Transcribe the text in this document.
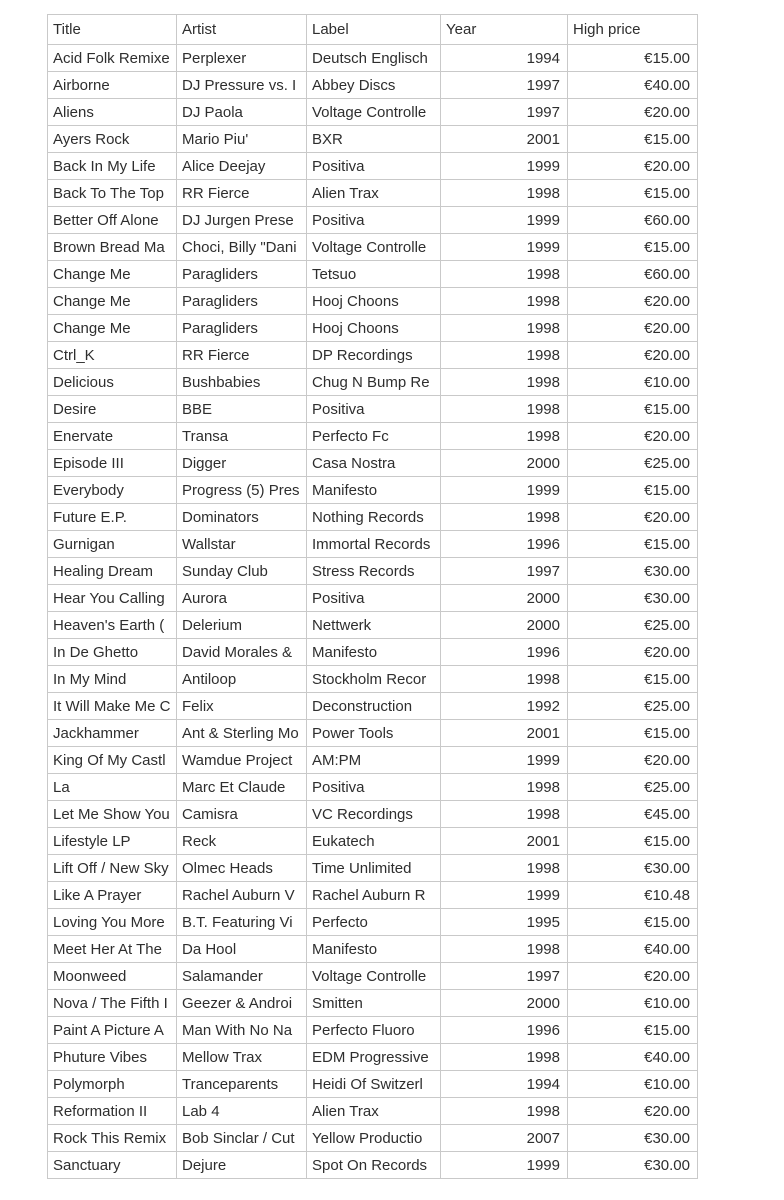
Title	Artist	Label	Year	High price
Acid Folk Remixe	Perplexer	Deutsch Englisch	1994	€15.00
Airborne	DJ Pressure vs. I	Abbey Discs	1997	€40.00
Aliens	DJ Paola	Voltage Controlle	1997	€20.00
Ayers Rock	Mario Piu'	BXR	2001	€15.00
Back In My Life	Alice Deejay	Positiva	1999	€20.00
Back To The Top	RR Fierce	Alien Trax	1998	€15.00
Better Off Alone	DJ Jurgen Prese	Positiva	1999	€60.00
Brown Bread Ma	Choci, Billy "Dani	Voltage Controlle	1999	€15.00
Change Me	Paragliders	Tetsuo	1998	€60.00
Change Me	Paragliders	Hooj Choons	1998	€20.00
Change Me	Paragliders	Hooj Choons	1998	€20.00
Ctrl_K	RR Fierce	DP Recordings	1998	€20.00
Delicious	Bushbabies	Chug N Bump Re	1998	€10.00
Desire	BBE	Positiva	1998	€15.00
Enervate	Transa	Perfecto Fc	1998	€20.00
Episode III	Digger	Casa Nostra	2000	€25.00
Everybody	Progress (5) Pres	Manifesto	1999	€15.00
Future E.P.	Dominators	Nothing Records	1998	€20.00
Gurnigan	Wallstar	Immortal Records	1996	€15.00
Healing Dream	Sunday Club	Stress Records	1997	€30.00
Hear You Calling	Aurora	Positiva	2000	€30.00
Heaven's Earth (	Delerium	Nettwerk	2000	€25.00
In De Ghetto	David Morales &	Manifesto	1996	€20.00
In My Mind	Antiloop	Stockholm Recor	1998	€15.00
It Will Make Me C	Felix	Deconstruction	1992	€25.00
Jackhammer	Ant & Sterling Mo	Power Tools	2001	€15.00
King Of My Castl	Wamdue Project	AM:PM	1999	€20.00
La	Marc Et Claude	Positiva	1998	€25.00
Let Me Show You	Camisra	VC Recordings	1998	€45.00
Lifestyle LP	Reck	Eukatech	2001	€15.00
Lift Off / New Sky	Olmec Heads	Time Unlimited	1998	€30.00
Like A Prayer	Rachel Auburn V	Rachel Auburn R	1999	€10.48
Loving You More	B.T. Featuring Vi	Perfecto	1995	€15.00
Meet Her At The	Da Hool	Manifesto	1998	€40.00
Moonweed	Salamander	Voltage Controlle	1997	€20.00
Nova / The Fifth I	Geezer & Androi	Smitten	2000	€10.00
Paint A Picture A	Man With No Na	Perfecto Fluoro	1996	€15.00
Phuture Vibes	Mellow Trax	EDM Progressive	1998	€40.00
Polymorph	Tranceparents	Heidi Of Switzerl	1994	€10.00
Reformation II	Lab 4	Alien Trax	1998	€20.00
Rock This Remix	Bob Sinclar / Cut	Yellow Productio	2007	€30.00
Sanctuary	Dejure	Spot On Records	1999	€30.00
